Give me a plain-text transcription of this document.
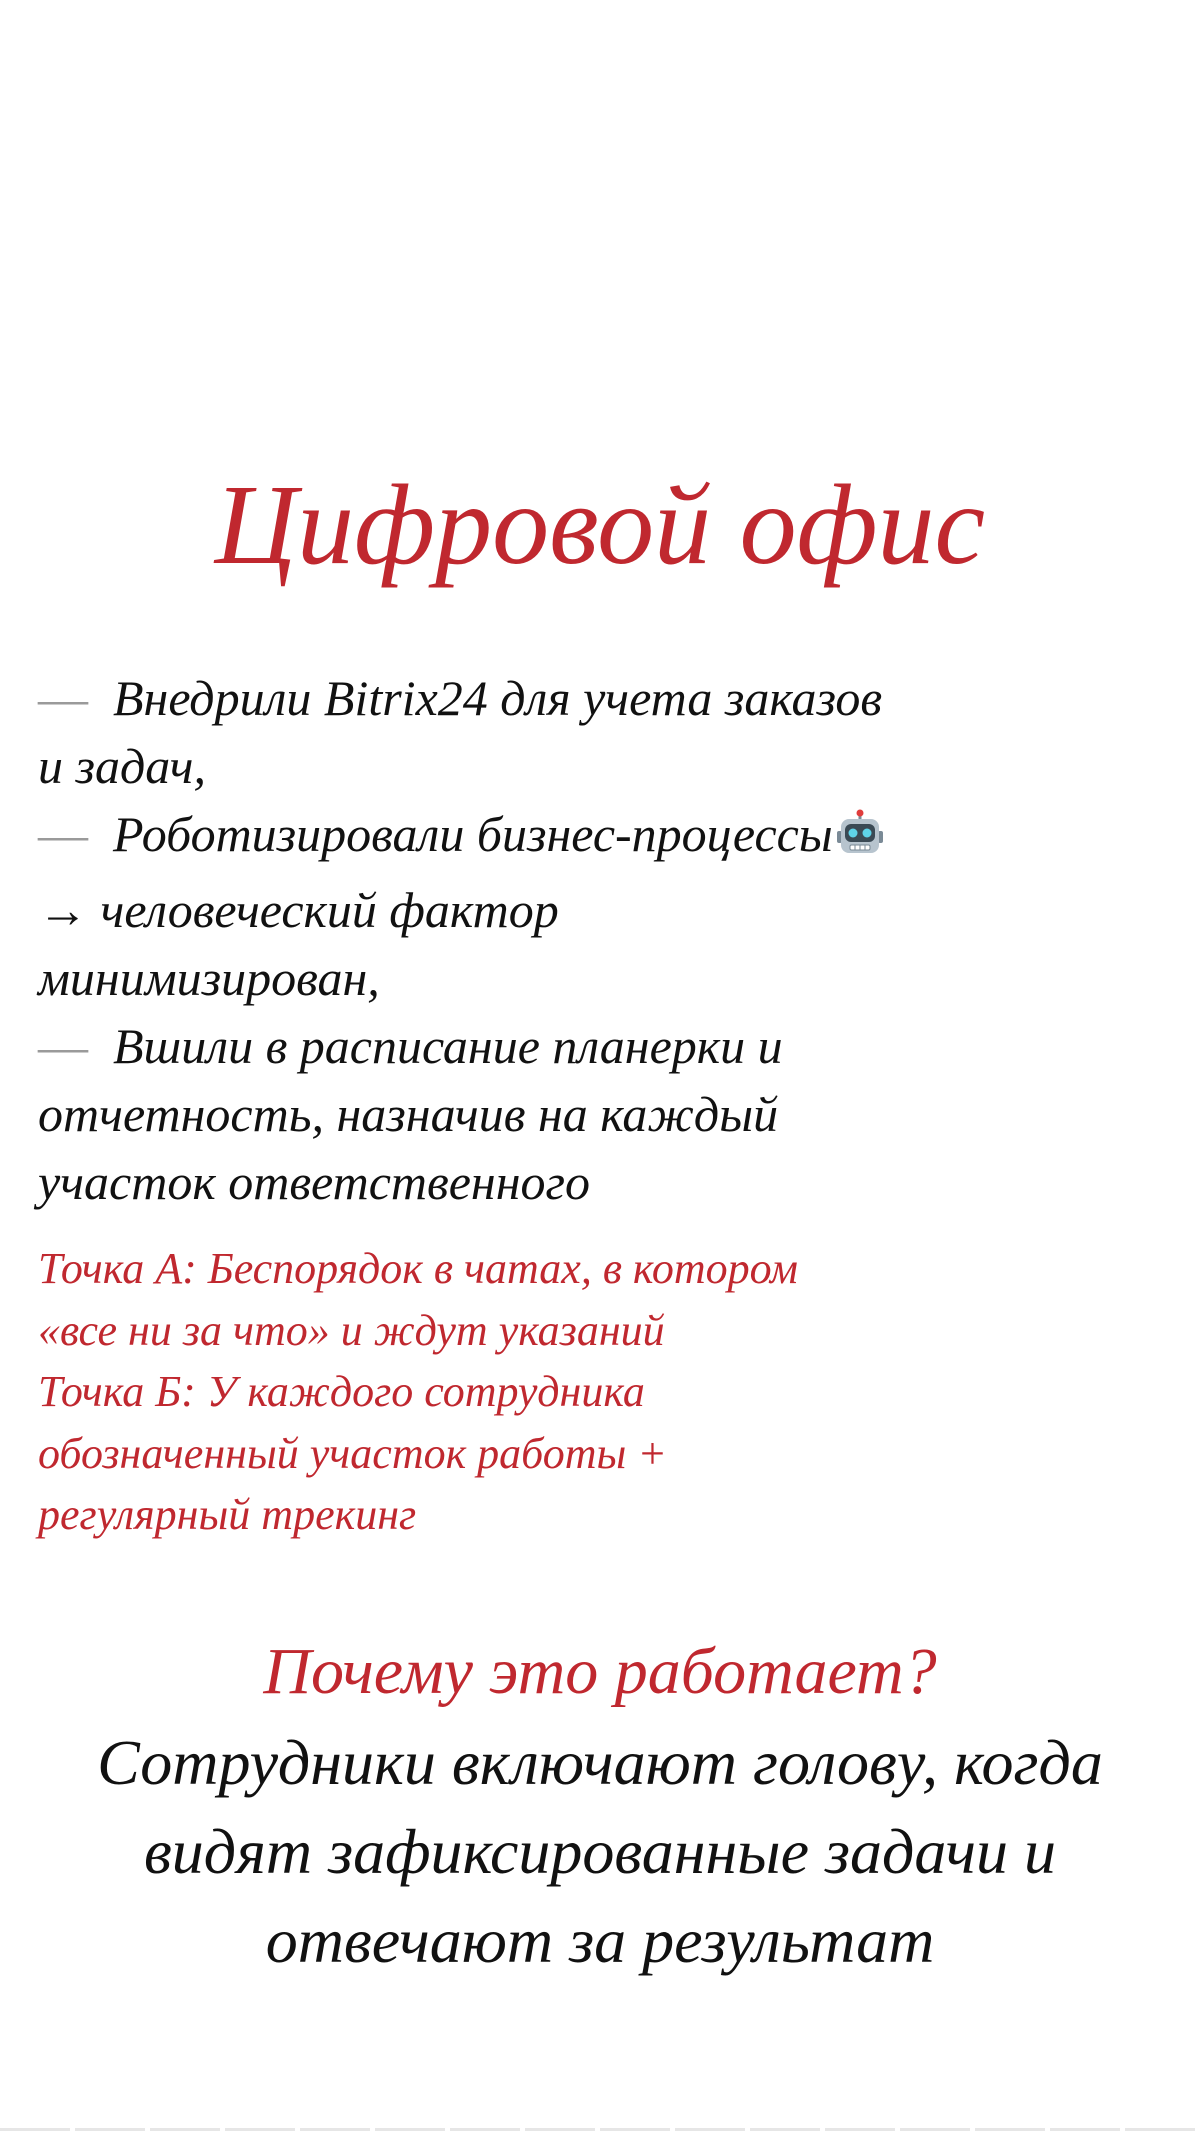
Цифровой офис
— Внедрили Bitrix24 для учета заказов
и задач,
— Роботизировали бизнес-процессы
→ человеческий фактор
минимизирован,
— Вшили в расписание планерки и
отчетность, назначив на каждый
участок ответственного
Точка А: Беспорядок в чатах, в котором
«все ни за что» и ждут указаний
Точка Б: У каждого сотрудника
обозначенный участок работы +
регулярный трекинг
Почему это работает?
Сотрудники включают голову, когда
видят зафиксированные задачи и
отвечают за результат
